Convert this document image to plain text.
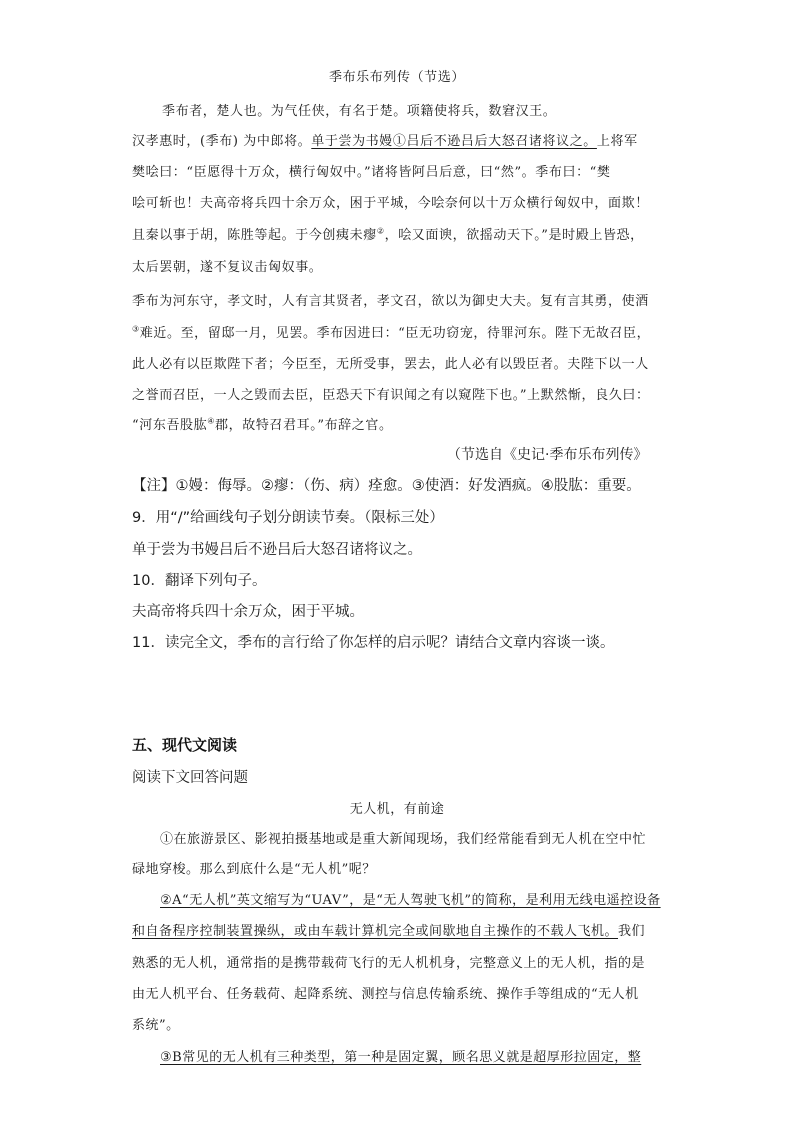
季布乐布列传（节选）
季布者，楚人也。为气任侠，有名于楚。项籍使将兵，数窘汉王。
汉孝惠时，(季布) 为中郎将。单于尝为书嫚①吕后不逊吕后大怒召诸将议之。上将军
樊哙曰：“臣愿得十万众，横行匈奴中。”诸将皆阿吕后意，曰“然”。季布曰：“樊
哙可斩也！夫高帝将兵四十余万众，困于平城，今哙奈何以十万众横行匈奴中，面欺！
且秦以事于胡，陈胜等起。于今创痍未瘳②，哙又面谀，欲摇动天下。”是时殿上皆恐，
太后罢朝，遂不复议击匈奴事。
季布为河东守，孝文时，人有言其贤者，孝文召，欲以为御史大夫。复有言其勇，使酒
③难近。至，留邸一月，见罢。季布因进曰：“臣无功窃宠，待罪河东。陛下无故召臣，
此人必有以臣欺陛下者；今臣至，无所受事，罢去，此人必有以毁臣者。夫陛下以一人
之誉而召臣，一人之毁而去臣，臣恐天下有识闻之有以窥陛下也。”上默然惭，良久曰：
“河东吾股肱④郡，故特召君耳。”布辞之官。
（节选自《史记·季布乐布列传》
【注】①嫚：侮辱。②瘳：（伤、病）痊愈。③使酒：好发酒疯。④股肱：重要。
9．用“/”给画线句子划分朗读节奏。（限标三处）
单于尝为书嫚吕后不逊吕后大怒召诸将议之。
10．翻译下列句子。
夫高帝将兵四十余万众，困于平城。
11．读完全文，季布的言行给了你怎样的启示呢？请结合文章内容谈一谈。
五、现代文阅读
阅读下文回答问题
无人机，有前途
①在旅游景区、影视拍摄基地或是重大新闻现场，我们经常能看到无人机在空中忙
碌地穿梭。那么到底什么是“无人机”呢？
②A“无人机”英文缩写为“UAV”，是“无人驾驶飞机”的简称，是利用无线电遥控设备
和自备程序控制装置操纵，或由车载计算机完全或间歇地自主操作的不载人飞机。我们
熟悉的无人机，通常指的是携带载荷飞行的无人机机身，完整意义上的无人机，指的是
由无人机平台、任务载荷、起降系统、测控与信息传输系统、操作手等组成的“无人机
系统”。
③B常见的无人机有三种类型，第一种是固定翼，顾名思义就是超厚形拉固定，整
